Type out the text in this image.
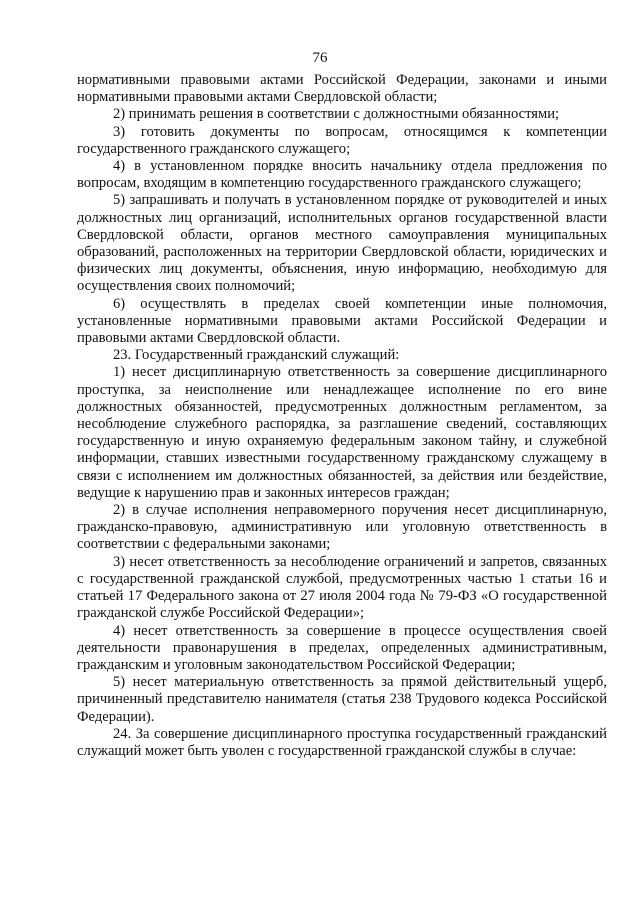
76

нормативными правовыми актами Российской Федерации, законами и иными нормативными правовыми актами Свердловской области;

2) принимать решения в соответствии с должностными обязанностями;

3) готовить документы по вопросам, относящимся к компетенции государственного гражданского служащего;

4) в установленном порядке вносить начальнику отдела предложения по вопросам, входящим в компетенцию государственного гражданского служащего;

5) запрашивать и получать в установленном порядке от руководителей и иных должностных лиц организаций, исполнительных органов государственной власти Свердловской области, органов местного самоуправления муниципальных образований, расположенных на территории Свердловской области, юридических и физических лиц документы, объяснения, иную информацию, необходимую для осуществления своих полномочий;

6) осуществлять в пределах своей компетенции иные полномочия, установленные нормативными правовыми актами Российской Федерации и правовыми актами Свердловской области.

23. Государственный гражданский служащий:

1) несет дисциплинарную ответственность за совершение дисциплинарного проступка, за неисполнение или ненадлежащее исполнение по его вине должностных обязанностей, предусмотренных должностным регламентом, за несоблюдение служебного распорядка, за разглашение сведений, составляющих государственную и иную охраняемую федеральным законом тайну, и служебной информации, ставших известными государственному гражданскому служащему в связи с исполнением им должностных обязанностей, за действия или бездействие, ведущие к нарушению прав и законных интересов граждан;

2) в случае исполнения неправомерного поручения несет дисциплинарную, гражданско-правовую, административную или уголовную ответственность в соответствии с федеральными законами;

3) несет ответственность за несоблюдение ограничений и запретов, связанных с государственной гражданской службой, предусмотренных частью 1 статьи 16 и статьей 17 Федерального закона от 27 июля 2004 года № 79-ФЗ «О государственной гражданской службе Российской Федерации»;

4) несет ответственность за совершение в процессе осуществления своей деятельности правонарушения в пределах, определенных административным, гражданским и уголовным законодательством Российской Федерации;

5) несет материальную ответственность за прямой действительный ущерб, причиненный представителю нанимателя (статья 238 Трудового кодекса Российской Федерации).

24. За совершение дисциплинарного проступка государственный гражданский служащий может быть уволен с государственной гражданской службы в случае:
